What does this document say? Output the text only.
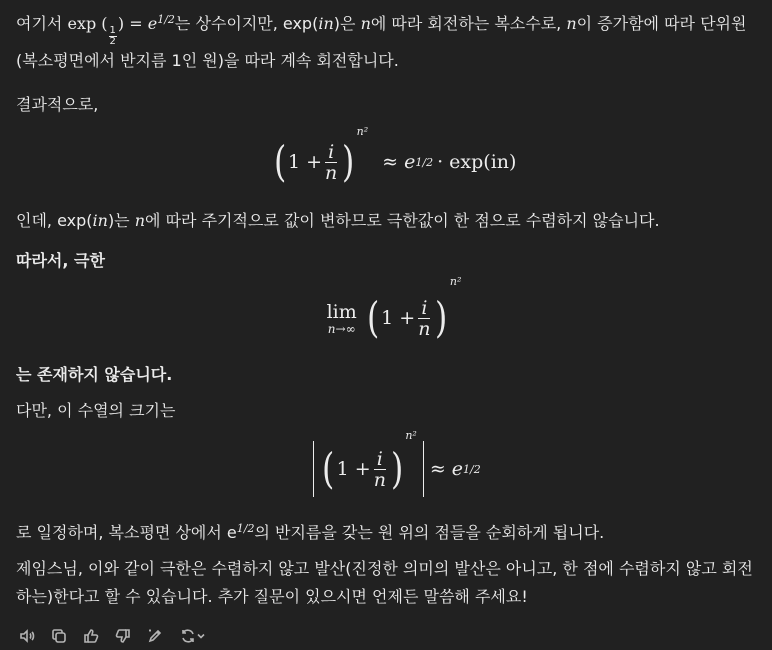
여기서 exp (
$\frac{1}{2}$
) = $e^{1/2}$는 상수이지만, exp(in)은 n에 따라 회전하는 복소수로, n이 증가함에 따라 단위원(복소평면에서 반지름 1인 원)을 따라 계속 회전합니다.

결과적으로,

( $1 + \frac{i}{n}$ )
n²
≈ e 1/2 · exp(in)

인데, exp(in)는 n에 따라 주기적으로 값이 변하므로 극한값이 한 점으로 수렴하지 않습니다.

따라서, 극한

lim
n→∞ ( $1 + \frac{i}{n}$ )
n²

는 존재하지 않습니다.

다만, 이 수열의 크기는

( $1 + \frac{i}{n}$ )
n²
≈ e 1/2

로 일정하며, 복소평면 상에서 $e^{1/2}$의 반지름을 갖는 원 위의 점들을 순회하게 됩니다.

제임스님, 이와 같이 극한은 수렴하지 않고 발산(진정한 의미의 발산은 아니고, 한 점에 수렴하지 않고 회전하는)한다고 할 수 있습니다. 추가 질문이 있으시면 언제든 말씀해 주세요!
